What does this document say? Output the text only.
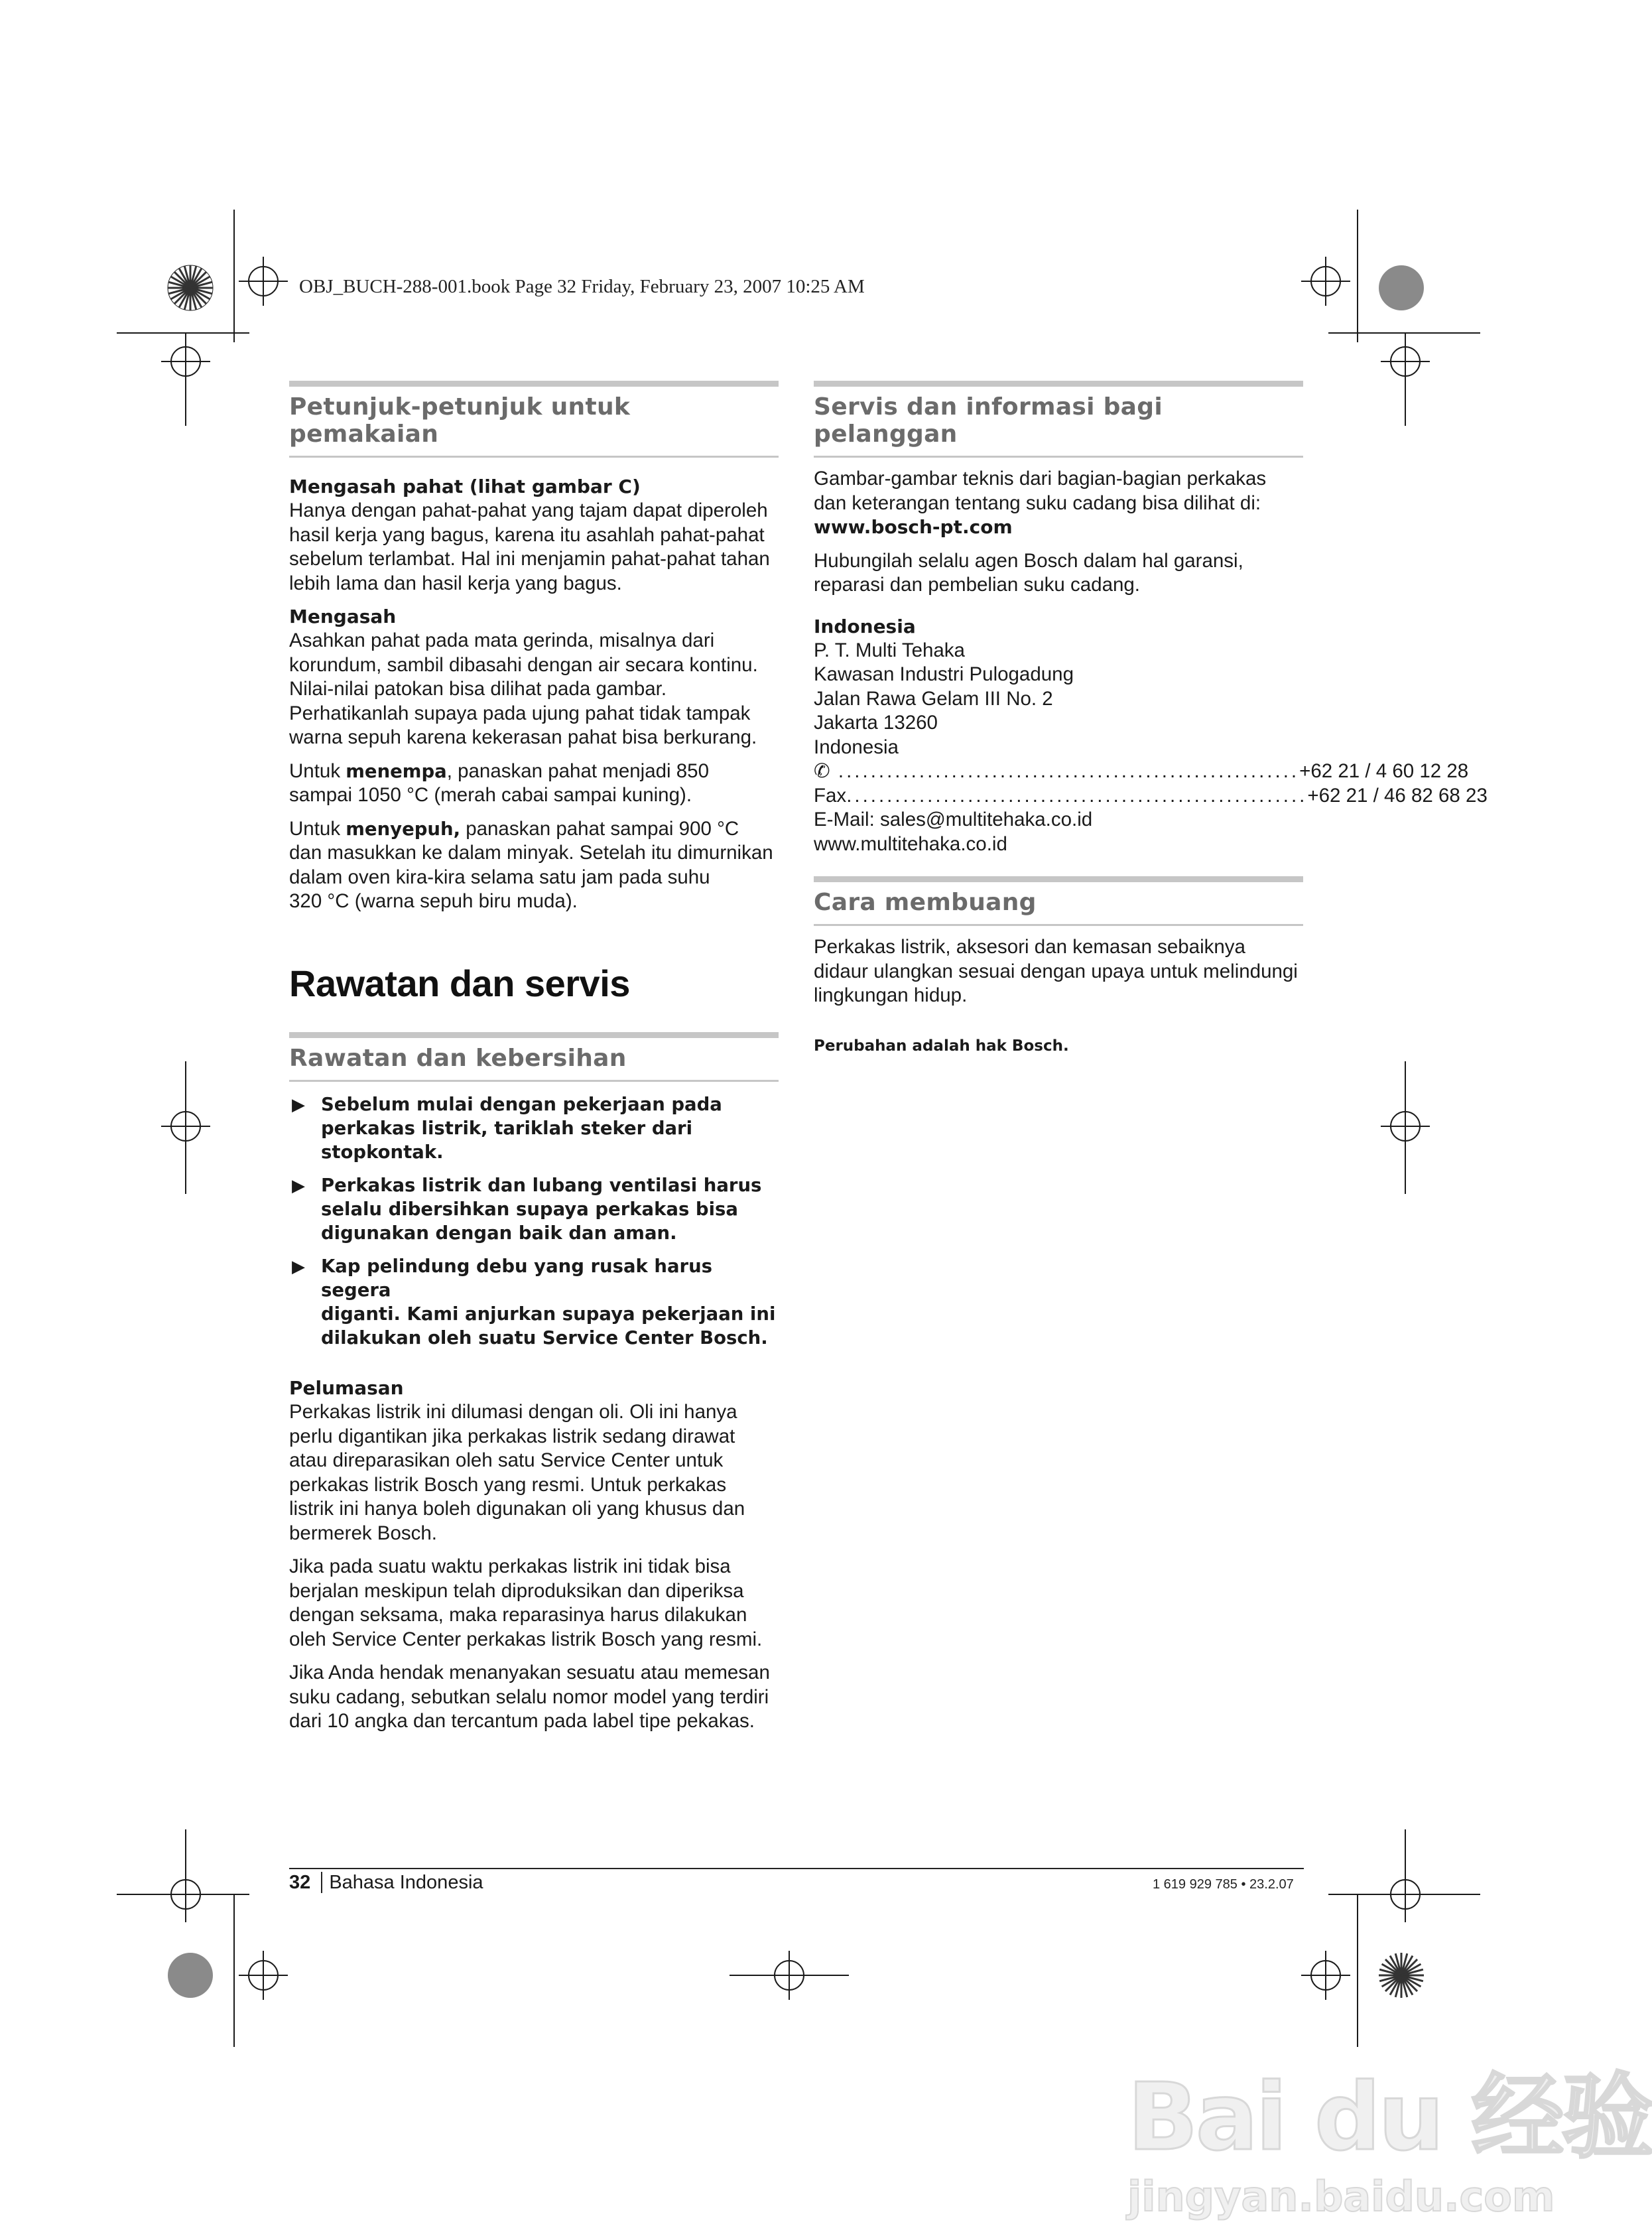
OBJ_BUCH-288-001.book Page 32 Friday, February 23, 2007 10:25 AM
Petunjuk-petunjuk untuk pemakaian
Mengasah pahat (lihat gambar C)

Hanya dengan pahat-pahat yang tajam dapat diperoleh

hasil kerja yang bagus, karena itu asahlah pahat-pahat

sebelum terlambat. Hal ini menjamin pahat-pahat tahan

lebih lama dan hasil kerja yang bagus.

Mengasah

Asahkan pahat pada mata gerinda, misalnya dari

korundum, sambil dibasahi dengan air secara kontinu.

Nilai-nilai patokan bisa dilihat pada gambar.

Perhatikanlah supaya pada ujung pahat tidak tampak

warna sepuh karena kekerasan pahat bisa berkurang.

Untuk menempa, panaskan pahat menjadi 850

sampai 1050 °C (merah cabai sampai kuning).

Untuk menyepuh, panaskan pahat sampai 900 °C

dan masukkan ke dalam minyak. Setelah itu dimurnikan

dalam oven kira-kira selama satu jam pada suhu

320 °C (warna sepuh biru muda).

Rawatan dan servis
Rawatan dan kebersihan
▶ Sebelum mulai dengan pekerjaan pada
perkakas listrik, tariklah steker dari
stopkontak.
▶ Perkakas listrik dan lubang ventilasi harus
selalu dibersihkan supaya perkakas bisa
digunakan dengan baik dan aman.
▶ Kap pelindung debu yang rusak harus segera
diganti. Kami anjurkan supaya pekerjaan ini
dilakukan oleh suatu Service Center Bosch.
Pelumasan

Perkakas listrik ini dilumasi dengan oli. Oli ini hanya

perlu digantikan jika perkakas listrik sedang dirawat

atau direparasikan oleh satu Service Center untuk

perkakas listrik Bosch yang resmi. Untuk perkakas

listrik ini hanya boleh digunakan oli yang khusus dan

bermerek Bosch.

Jika pada suatu waktu perkakas listrik ini tidak bisa

berjalan meskipun telah diproduksikan dan diperiksa

dengan seksama, maka reparasinya harus dilakukan

oleh Service Center perkakas listrik Bosch yang resmi.

Jika Anda hendak menanyakan sesuatu atau memesan

suku cadang, sebutkan selalu nomor model yang terdiri

dari 10 angka dan tercantum pada label tipe pekakas.

Servis dan informasi bagi pelanggan

Gambar-gambar teknis dari bagian-bagian perkakas

dan keterangan tentang suku cadang bisa dilihat di:

www.bosch-pt.com

Hubungilah selalu agen Bosch dalam hal garansi,

reparasi dan pembelian suku cadang.

Indonesia

P. T. Multi Tehaka

Kawasan Industri Pulogadung

Jalan Rawa Gelam III No. 2

Jakarta 13260

Indonesia

✆ ......................................................... +62 21 / 4 60 12 28
Fax ......................................................... +62 21 / 46 82 68 23

E-Mail: sales@multitehaka.co.id

www.multitehaka.co.id

Cara membuang

Perkakas listrik, aksesori dan kemasan sebaiknya

didaur ulangkan sesuai dengan upaya untuk melindungi

lingkungan hidup.

Perubahan adalah hak Bosch.
32 Bahasa Indonesia	1 619 929 785 • 23.2.07
Bai du 经验
jingyan.baidu.com
